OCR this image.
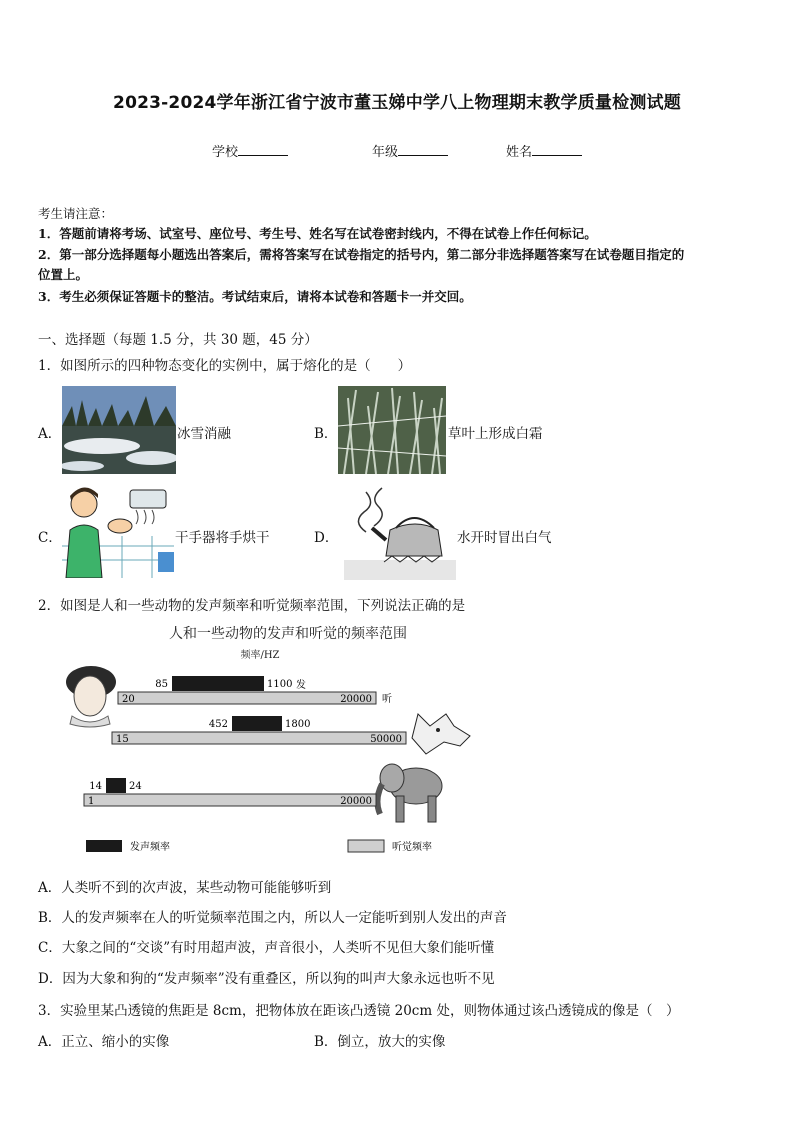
2023-2024学年浙江省宁波市董玉娣中学八上物理期末教学质量检测试题
学校	年级	姓名
考生请注意：
1．答题前请将考场、试室号、座位号、考生号、姓名写在试卷密封线内，不得在试卷上作任何标记。
2．第一部分选择题每小题选出答案后，需将答案写在试卷指定的括号内，第二部分非选择题答案写在试卷题目指定的
位置上。
3．考生必须保证答题卡的整洁。考试结束后，请将本试卷和答题卡一并交回。
一、选择题（每题 1.5 分，共 30 题，45 分）
1．如图所示的四种物态变化的实例中，属于熔化的是（　　）
A．	冰雪消融	B．	草叶上形成白霜
C．	干手器将手烘干	D．	水开时冒出白气
2．如图是人和一些动物的发声频率和听觉频率范围，下列说法正确的是
人和一些动物的发声和听觉的频率范围
频率/HZ
20	20000
85	1100
15	50000
452	1800
1	20000
14	24
发
听
发声频率	听觉频率
A．人类听不到的次声波，某些动物可能能够听到
B．人的发声频率在人的听觉频率范围之内，所以人一定能听到别人发出的声音
C．大象之间的“交谈”有时用超声波，声音很小，人类听不见但大象们能听懂
D．因为大象和狗的“发声频率”没有重叠区，所以狗的叫声大象永远也听不见
3．实验里某凸透镜的焦距是 8cm，把物体放在距该凸透镜 20cm 处，则物体通过该凸透镜成的像是（　）
A．正立、缩小的实像	B．倒立，放大的实像
